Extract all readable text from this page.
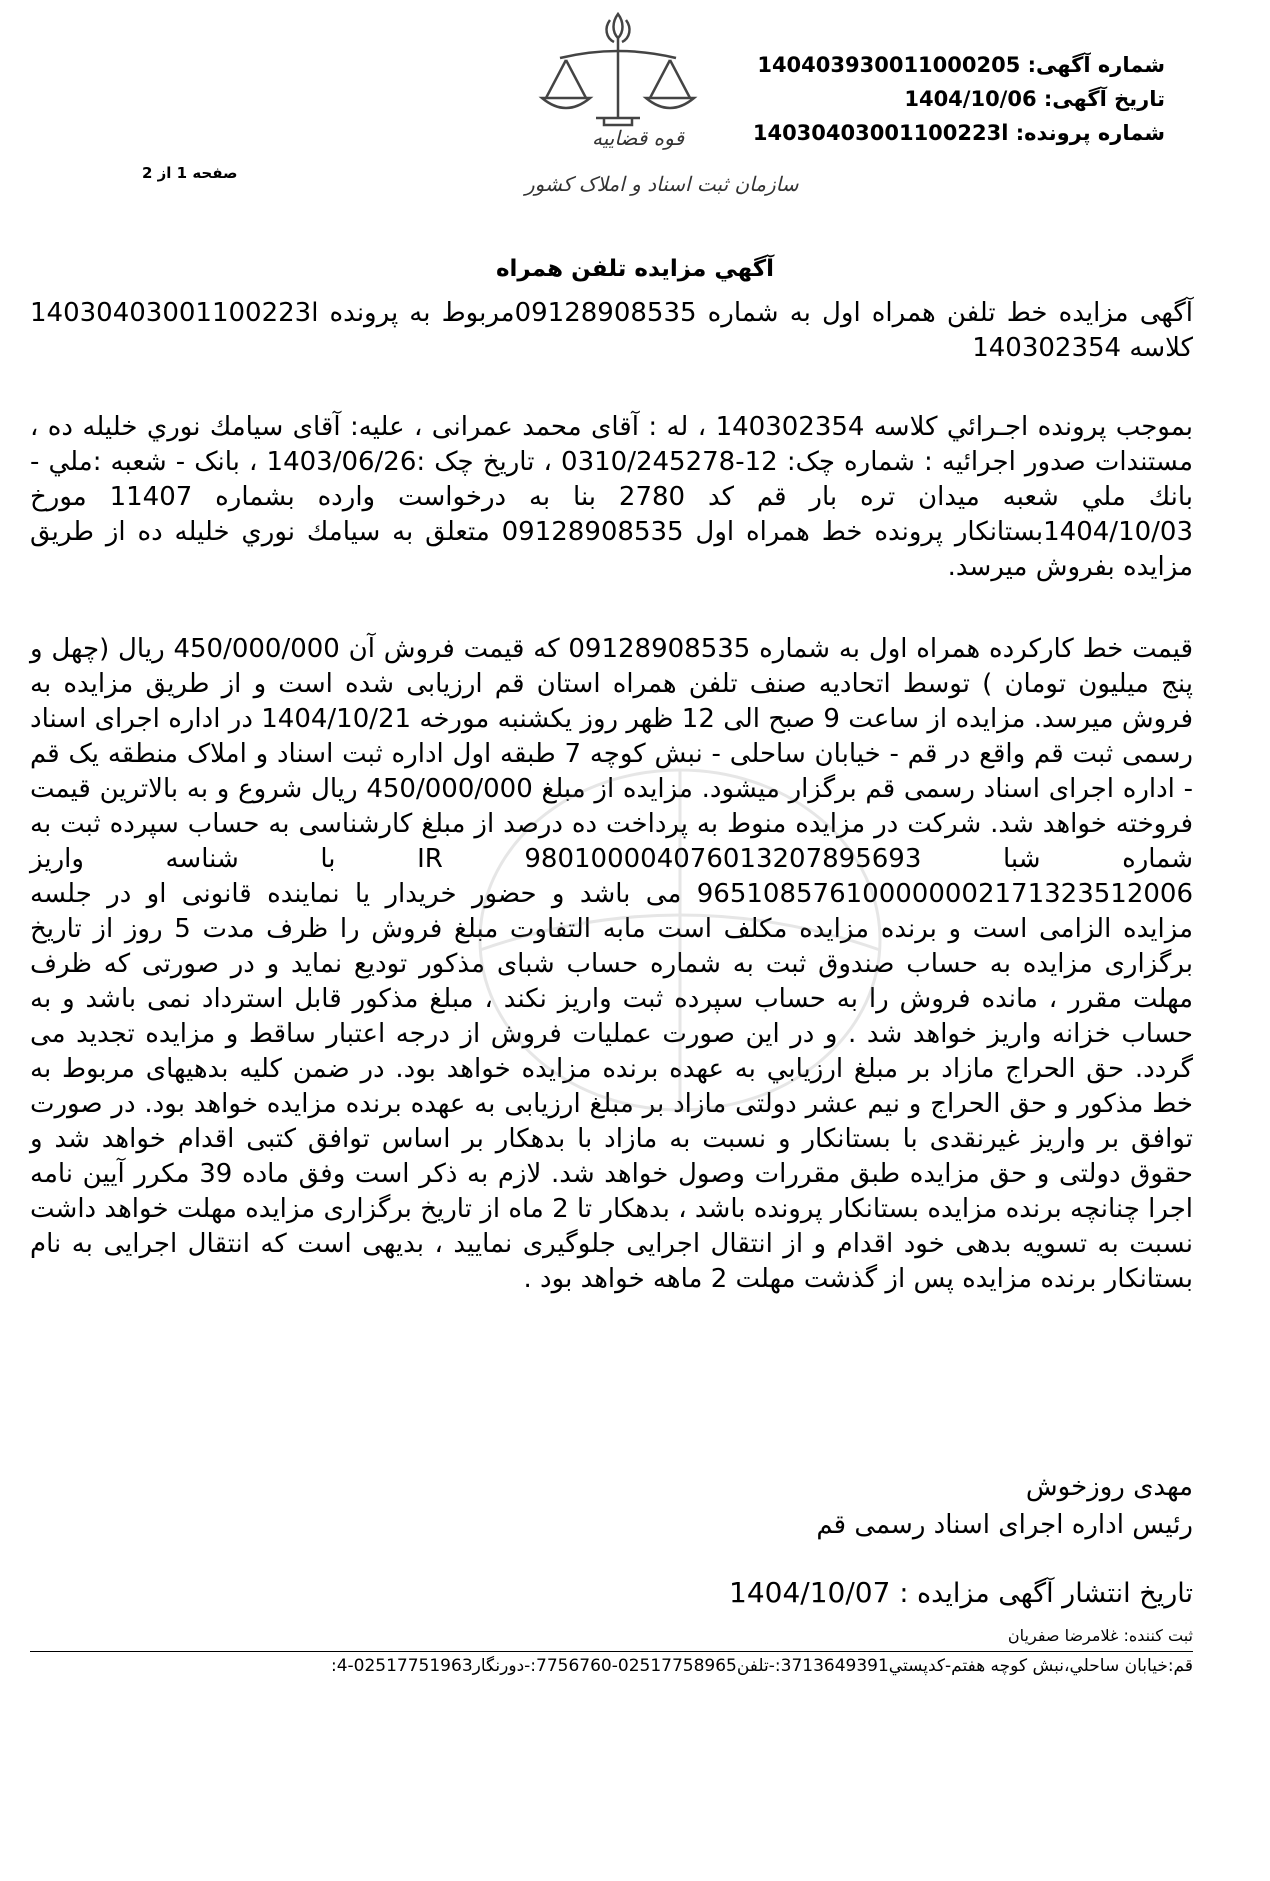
قوه قضاییه
سازمان ثبت اسناد و املاک کشور
شماره آگهی: 140403930011000205
تاریخ آگهی: 1404/10/06
شماره پرونده: 14030403001100223l
صفحه 1 از 2
آگهي مزايده تلفن همراه

آگهی مزایده خط تلفن همراه اول به شماره 09128908535مربوط به پرونده 14030403001100223l کلاسه 140302354

بموجب پرونده اجـرائي كلاسه 140302354 ، له : آقای محمد عمرانی ، علیه: آقای سيامك نوري خليله ده ، مستندات صدور اجرائيه : شماره چک: 12-0310/245278 ، تاریخ چک :1403/06/26 ، بانک - شعبه :ملي - بانك ملي شعبه ميدان تره بار قم كد 2780 بنا به درخواست وارده بشماره 11407 مورخ 1404/10/03بستانكار پرونده خط همراه اول 09128908535 متعلق به سيامك نوري خليله ده از طريق مزايده بفروش ميرسد.

قیمت خط کارکرده همراه اول به شماره 09128908535 که قیمت فروش آن 450/000/000 ریال (چهل و پنج میلیون تومان ) توسط اتحادیه صنف تلفن همراه استان قم ارزیابی شده است و از طریق مزایده به فروش میرسد. مزایده از ساعت 9 صبح الی 12 ظهر روز یکشنبه مورخه 1404/10/21 در اداره اجرای اسناد رسمی ثبت قم واقع در قم - خیابان ساحلی - نبش کوچه 7 طبقه اول اداره ثبت اسناد و املاک منطقه یک قم - اداره اجرای اسناد رسمی قم برگزار میشود. مزایده از مبلغ 450/000/000 ریال شروع و به بالاترین قیمت فروخته خواهد شد. شرکت در مزایده منوط به پرداخت ده درصد از مبلغ کارشناسی به حساب سپرده ثبت به شماره شبا IR 980100004076013207895693 با شناسه واریز 965108576100000002171323512006 می باشد و حضور خریدار یا نماینده قانونی او در جلسه مزایده الزامی است و برنده مزایده مکلف است مابه التفاوت مبلغ فروش را ظرف مدت 5 روز از تاریخ برگزاری مزایده به حساب صندوق ثبت به شماره حساب شبای مذکور تودیع نماید و در صورتی که ظرف مهلت مقرر ، مانده فروش را به حساب سپرده ثبت واریز نکند ، مبلغ مذکور قابل استرداد نمی باشد و به حساب خزانه واریز خواهد شد . و در این صورت عملیات فروش از درجه اعتبار ساقط و مزایده تجدید می گردد. حق الحراج مازاد بر مبلغ ارزيابي به عهده برنده مزايده خواهد بود. در ضمن کلیه بدهیهای مربوط به خط مذکور و حق الحراج و نیم عشر دولتی مازاد بر مبلغ ارزیابی به عهده برنده مزایده خواهد بود. در صورت توافق بر واريز غيرنقدی با بستانکار و نسبت به مازاد با بدهکار بر اساس توافق كتبی اقدام خواهد شد و حقوق دولتی و حق مزایده طبق مقررات وصول خواهد شد. لازم به ذکر است وفق ماده 39 مکرر آیین نامه اجرا چنانچه برنده مزایده بستانکار پرونده باشد ، بدهکار تا 2 ماه از تاریخ برگزاری مزایده مهلت خواهد داشت نسبت به تسویه بدهی خود اقدام و از انتقال اجرایی جلوگیری نمایید ، بدیهی است که انتقال اجرایی به نام بستانکار برنده مزایده پس از گذشت مهلت 2 ماهه خواهد بود .

مهدی روزخوش
رئیس اداره اجرای اسناد رسمی قم
تاریخ انتشار آگهی مزایده : 1404/10/07
ثبت کننده: غلامرضا صفريان
قم:خيابان ساحلي،نبش كوچه هفتم-كدپستي3713649391:-تلفن02517758965-7756760:-دورنگار02517751963-4:
